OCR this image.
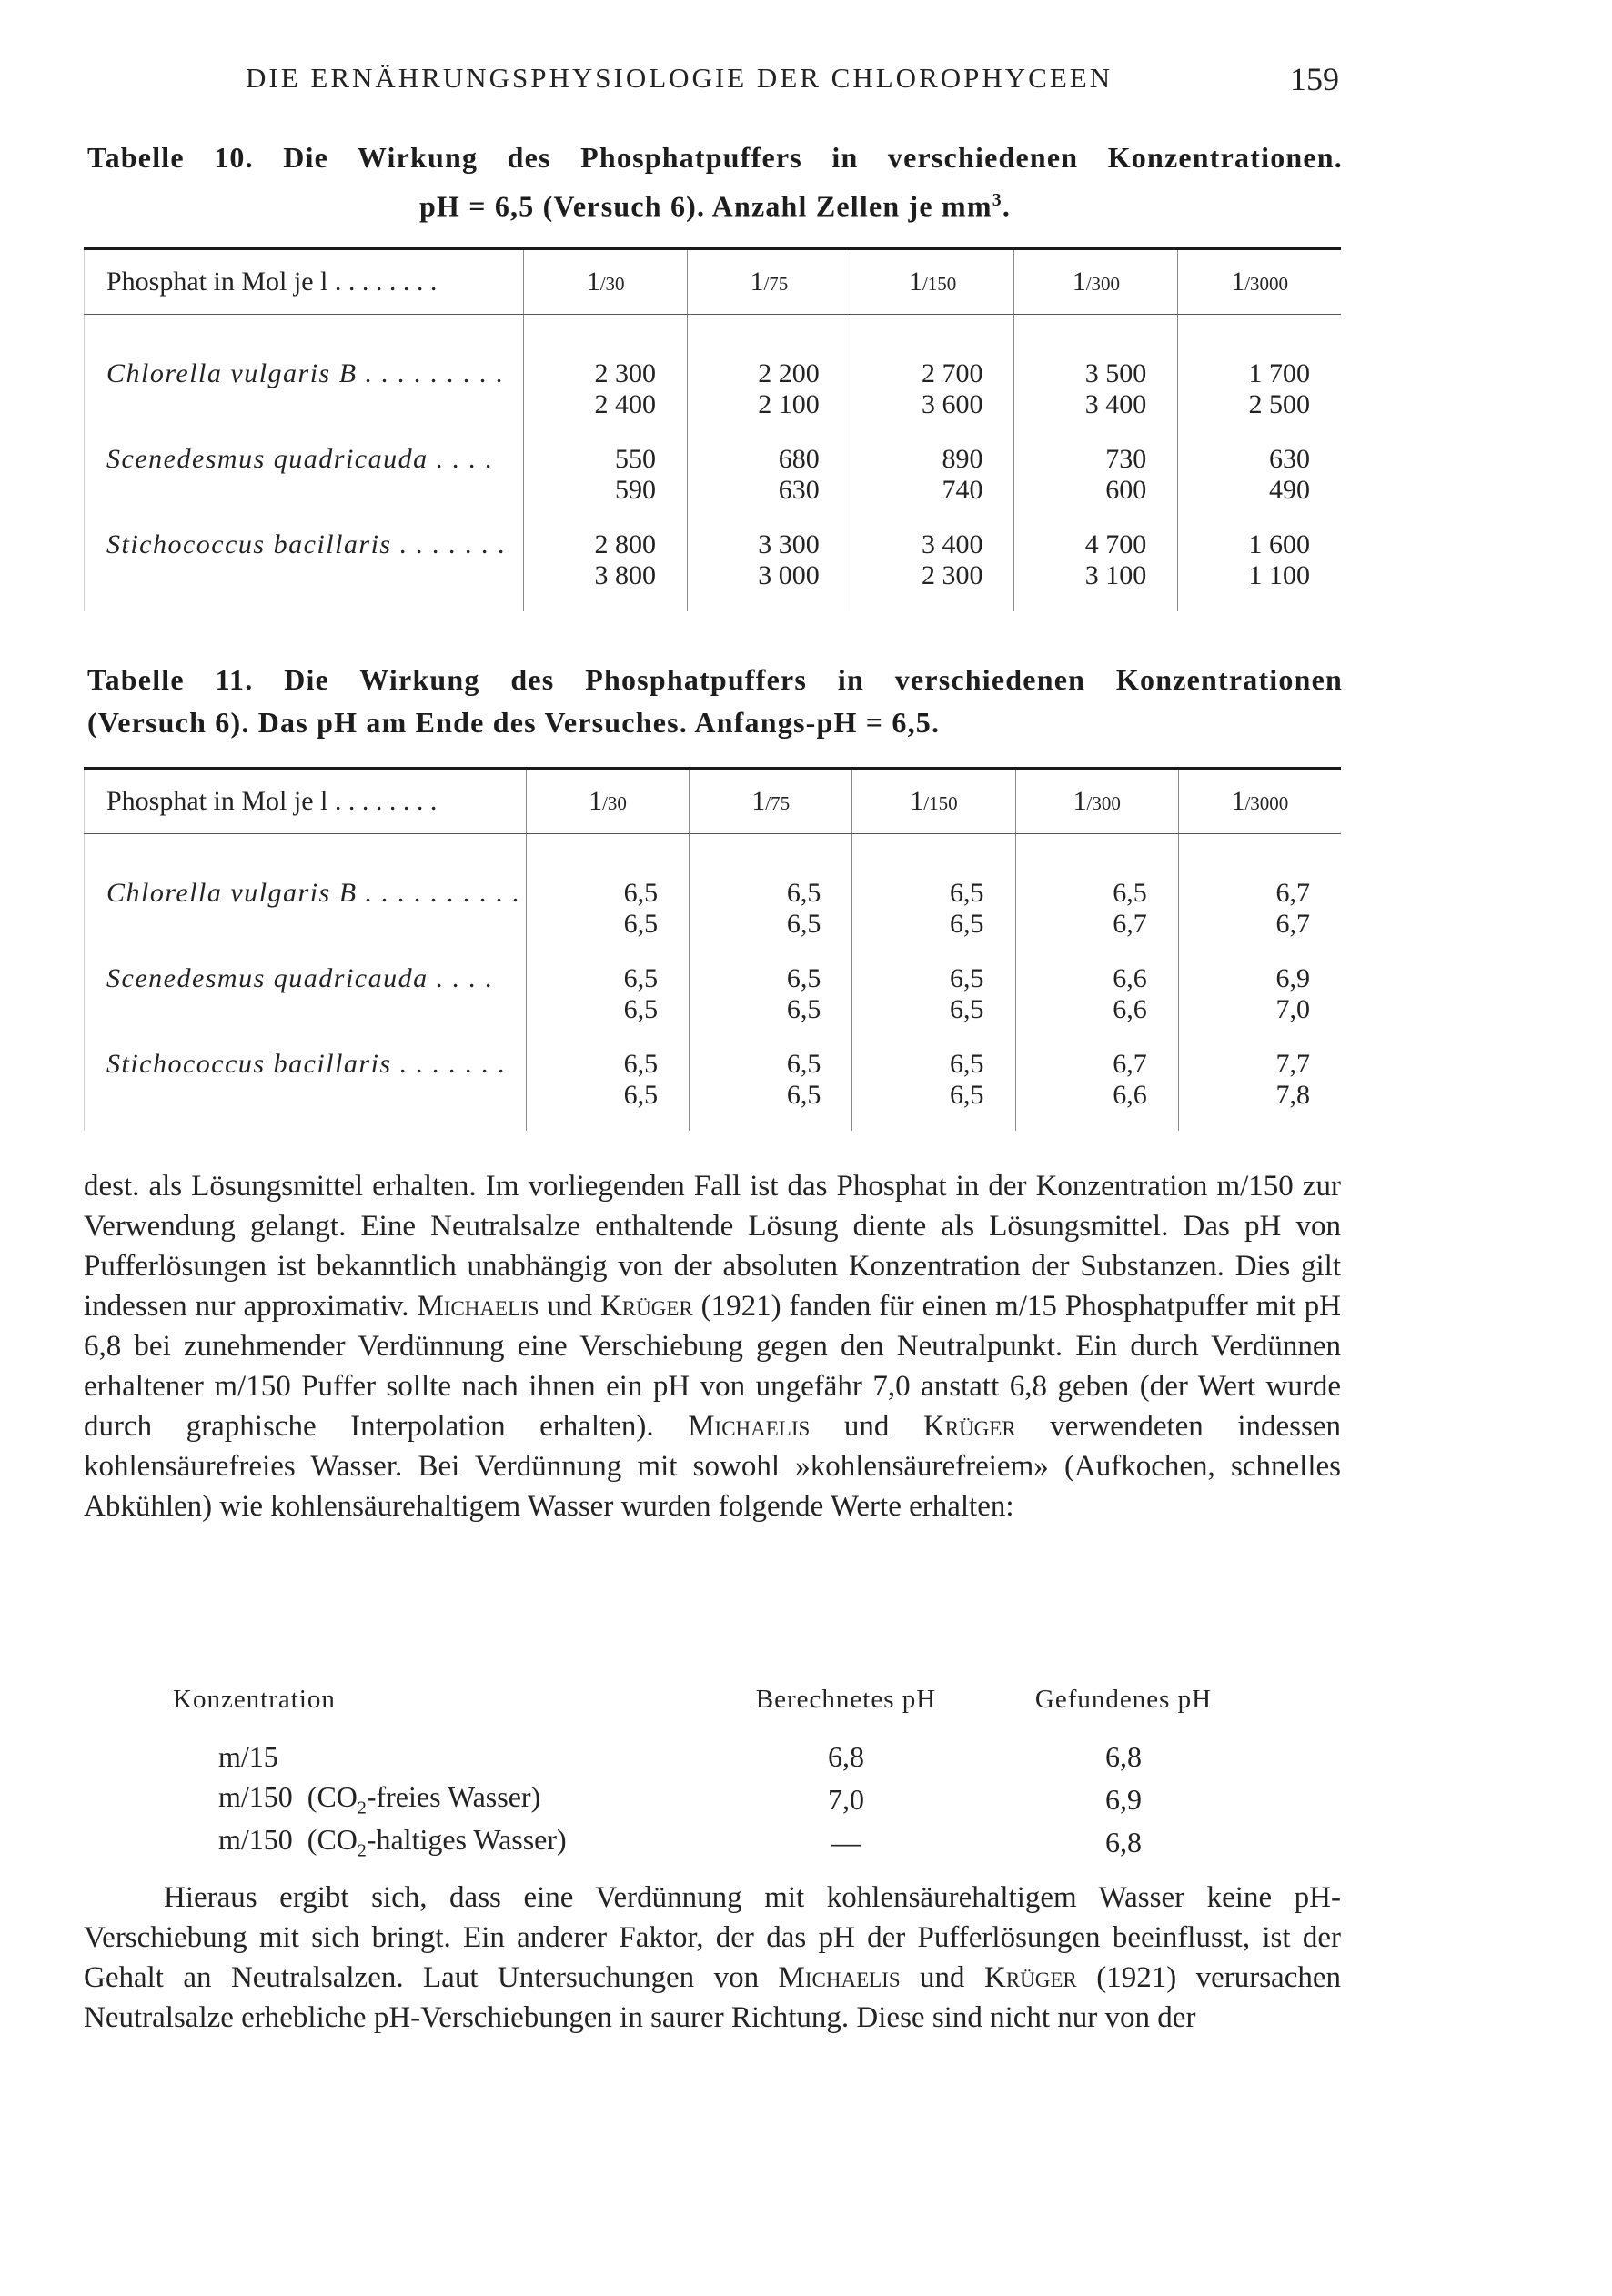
DIE ERNÄHRUNGSPHYSIOLOGIE DER CHLOROPHYCEEN	159
Tabelle 10. Die Wirkung des Phosphatpuffers in verschiedenen Konzentrationen.
pH = 6,5 (Versuch 6). Anzahl Zellen je $mm^3$.
Phosphat in Mol je l . . . . . . . .	1/30	1/75	1/150	1/300	1/3000
Chlorella vulgaris B . . . . . . . . .	2 300	2 200	2 700	3 500	1 700
	2 400	2 100	3 600	3 400	2 500
Scenedesmus quadricauda . . . .	550	680	890	730	630
	590	630	740	600	490
Stichococcus bacillaris . . . . . . .	2 800	3 300	3 400	4 700	1 600
	3 800	3 000	2 300	3 100	1 100
Tabelle 11. Die Wirkung des Phosphatpuffers in verschiedenen Konzentrationen
(Versuch 6). Das pH am Ende des Versuches. Anfangs-pH = 6,5.
Phosphat in Mol je l . . . . . . . .	1/30	1/75	1/150	1/300	1/3000
Chlorella vulgaris B . . . . . . . . . .	6,5	6,5	6,5	6,5	6,7
	6,5	6,5	6,5	6,7	6,7
Scenedesmus quadricauda . . . .	6,5	6,5	6,5	6,6	6,9
	6,5	6,5	6,5	6,6	7,0
Stichococcus bacillaris . . . . . . .	6,5	6,5	6,5	6,7	7,7
	6,5	6,5	6,5	6,6	7,8

dest. als Lösungsmittel erhalten. Im vorliegenden Fall ist das Phosphat in der Konzentration m/150 zur Verwendung gelangt. Eine Neutralsalze enthaltende Lösung diente als Lösungsmittel. Das pH von Pufferlösungen ist bekanntlich unabhängig von der absoluten Konzentration der Substanzen. Dies gilt indessen nur approximativ. Michaelis und Krüger (1921) fanden für einen m/15 Phosphatpuffer mit pH 6,8 bei zunehmender Verdünnung eine Verschiebung gegen den Neutralpunkt. Ein durch Verdünnen erhaltener m/150 Puffer sollte nach ihnen ein pH von ungefähr 7,0 anstatt 6,8 geben (der Wert wurde durch graphische Interpolation erhalten). Michaelis und Krüger verwendeten indessen kohlensäurefreies Wasser. Bei Verdünnung mit sowohl »kohlensäurefreiem» (Aufkochen, schnelles Abkühlen) wie kohlensäurehaltigem Wasser wurden folgende Werte erhalten:

Konzentration	Berechnetes pH	Gefundenes pH
m/15	6,8	6,8
m/150  ($CO_2$-freies Wasser)	7,0	6,9
m/150  ($CO_2$-haltiges Wasser)	—	6,8

Hieraus ergibt sich, dass eine Verdünnung mit kohlensäurehaltigem Wasser keine pH-Verschiebung mit sich bringt. Ein anderer Faktor, der das pH der Pufferlösungen beeinflusst, ist der Gehalt an Neutralsalzen. Laut Untersuchungen von Michaelis und Krüger (1921) verursachen Neutralsalze erhebliche pH-Verschiebungen in saurer Richtung. Diese sind nicht nur von der
